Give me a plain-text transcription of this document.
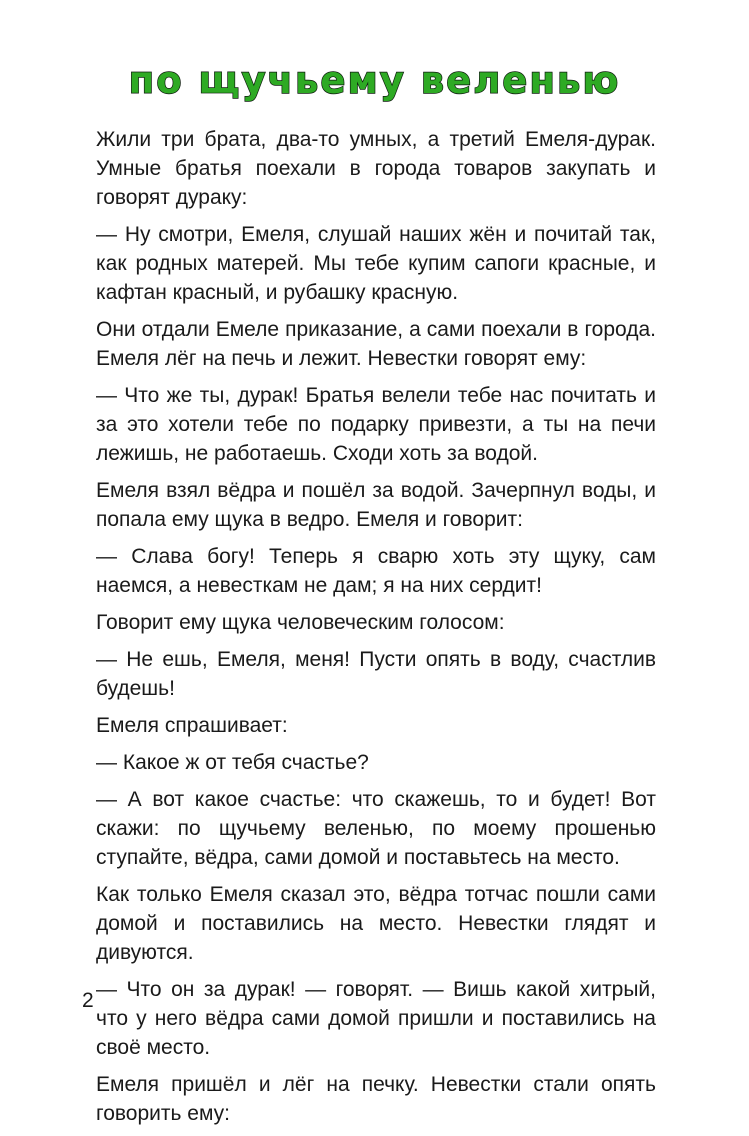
по щучьему веленью

Жили три брата, два-то умных, а третий Емеля-дурак. Умные братья поехали в города товаров закупать и говорят дураку:

— Ну смотри, Емеля, слушай наших жён и почитай так, как родных матерей. Мы тебе купим сапоги красные, и кафтан красный, и рубашку красную.

Они отдали Емеле приказание, а сами поехали в города. Емеля лёг на печь и лежит. Невестки говорят ему:

— Что же ты, дурак! Братья велели тебе нас почитать и за это хотели тебе по подарку привезти, а ты на печи лежишь, не работаешь. Сходи хоть за водой.

Емеля взял вёдра и пошёл за водой. Зачерпнул воды, и попала ему щука в ведро. Емеля и говорит:

— Слава богу! Теперь я сварю хоть эту щуку, сам наемся, а невесткам не дам; я на них сердит!

Говорит ему щука человеческим голосом:

— Не ешь, Емеля, меня! Пусти опять в воду, счастлив будешь!

Емеля спрашивает:

— Какое ж от тебя счастье?

— А вот какое счастье: что скажешь, то и будет! Вот скажи: по щучьему веленью, по моему прошенью ступайте, вёдра, сами домой и поставьтесь на место.

Как только Емеля сказал это, вёдра тотчас пошли сами домой и поставились на место. Невестки глядят и дивуются.

— Что он за дурак! — говорят. — Вишь какой хитрый, что у него вёдра сами домой пришли и поставились на своё место.

Емеля пришёл и лёг на печку. Невестки стали опять говорить ему:

2
